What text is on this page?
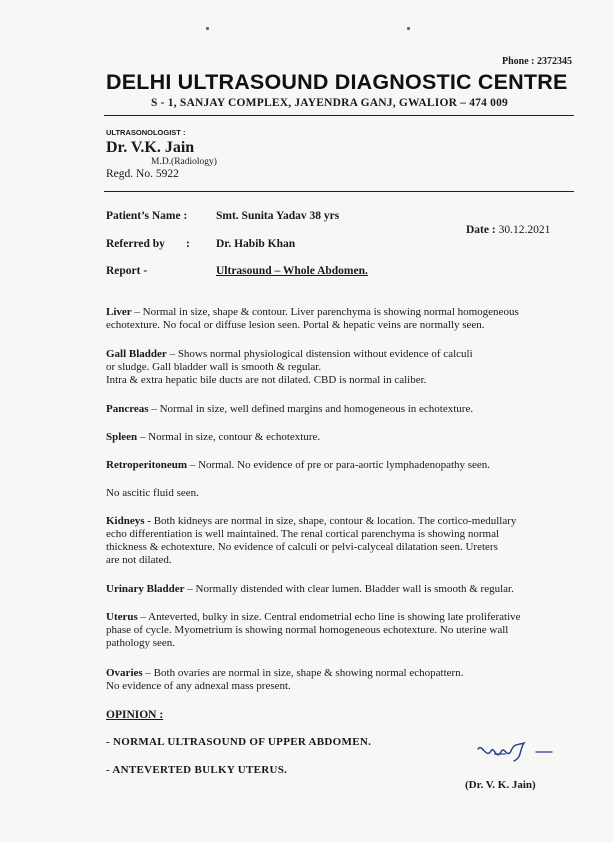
Phone : 2372345
DELHI ULTRASOUND DIAGNOSTIC CENTRE
S - 1, SANJAY COMPLEX, JAYENDRA GANJ, GWALIOR – 474 009
ULTRASONOLOGIST :
Dr. V.K. Jain
M.D.(Radiology)
Regd. No. 5922
Patient’s Name : Smt. Sunita Yadav 38 yrs
Date : 30.12.2021
Referred by : Dr. Habib Khan
Report -	Ultrasound – Whole Abdomen.
Liver – Normal in size, shape & contour. Liver parenchyma is showing normal homogeneous
echotexture. No focal or diffuse lesion seen. Portal & hepatic veins are normally seen.
Gall Bladder – Shows normal physiological distension without evidence of calculi
or sludge. Gall bladder wall is smooth & regular.
Intra & extra hepatic bile ducts are not dilated. CBD is normal in caliber.
Pancreas – Normal in size, well defined margins and homogeneous in echotexture.
Spleen – Normal in size, contour & echotexture.
Retroperitoneum – Normal. No evidence of pre or para-aortic lymphadenopathy seen.
No ascitic fluid seen.
Kidneys - Both kidneys are normal in size, shape, contour & location. The cortico-medullary
echo differentiation is well maintained. The renal cortical parenchyma is showing normal
thickness & echotexture. No evidence of calculi or pelvi-calyceal dilatation seen. Ureters
are not dilated.
Urinary Bladder – Normally distended with clear lumen. Bladder wall is smooth & regular.
Uterus – Anteverted, bulky in size. Central endometrial echo line is showing late proliferative
phase of cycle. Myometrium is showing normal homogeneous echotexture. No uterine wall
pathology seen.
Ovaries – Both ovaries are normal in size, shape & showing normal echopattern.
No evidence of any adnexal mass present.
OPINION :
- NORMAL ULTRASOUND OF UPPER ABDOMEN.
- ANTEVERTED BULKY UTERUS.
(Dr. V. K. Jain)
